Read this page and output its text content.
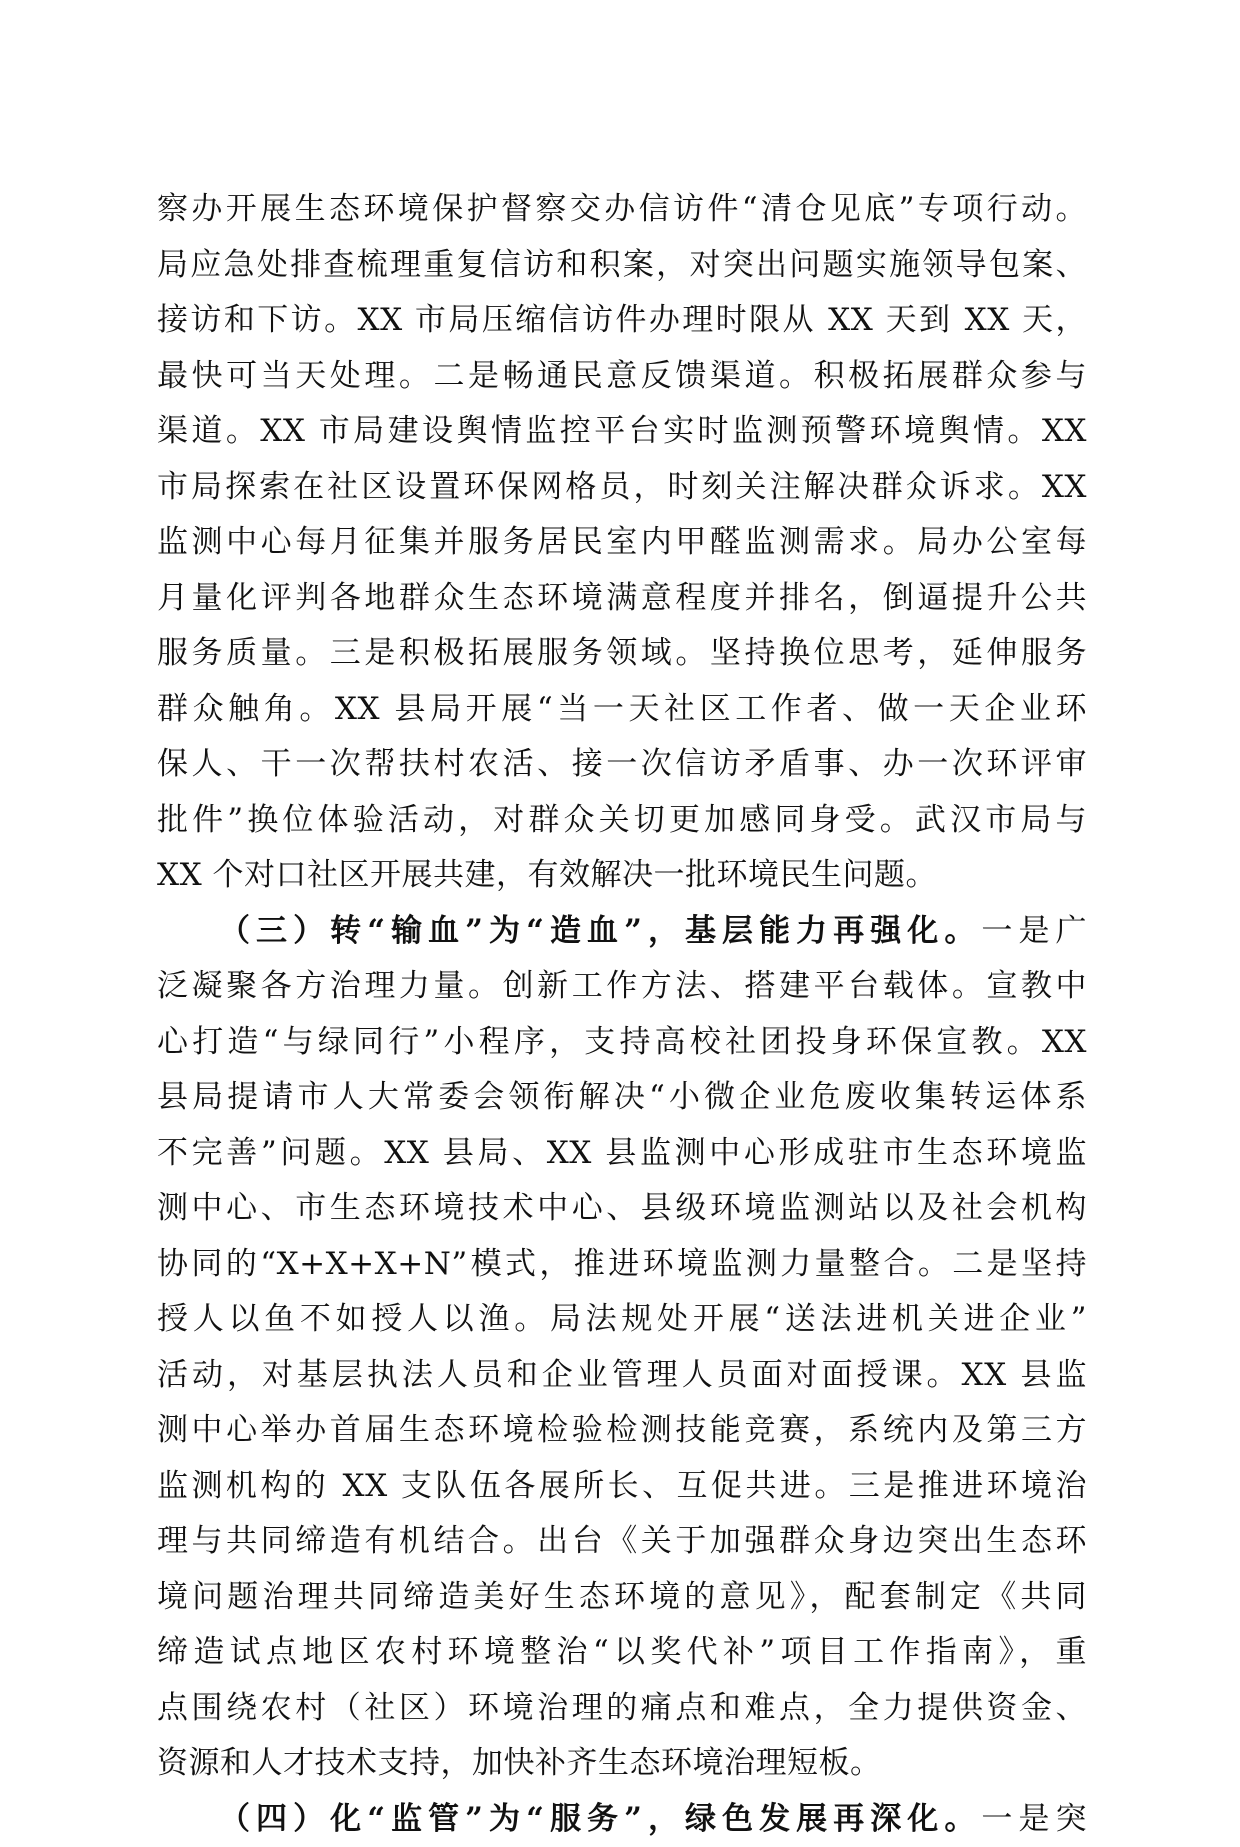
察办开展生态环境保护督察交办信访件“清仓见底”专项行动。
局应急处排查梳理重复信访和积案，对突出问题实施领导包案、
接访和下访。XX 市局压缩信访件办理时限从 XX 天到 XX 天，
最快可当天处理。二是畅通民意反馈渠道。积极拓展群众参与
渠道。XX 市局建设舆情监控平台实时监测预警环境舆情。XX
市局探索在社区设置环保网格员，时刻关注解决群众诉求。XX
监测中心每月征集并服务居民室内甲醛监测需求。局办公室每
月量化评判各地群众生态环境满意程度并排名，倒逼提升公共
服务质量。三是积极拓展服务领域。坚持换位思考，延伸服务
群众触角。XX 县局开展“当一天社区工作者、做一天企业环
保人、干一次帮扶村农活、接一次信访矛盾事、办一次环评审
批件”换位体验活动，对群众关切更加感同身受。武汉市局与
XX 个对口社区开展共建，有效解决一批环境民生问题。
（三）转“输血”为“造血”，基层能力再强化。一是广
泛凝聚各方治理力量。创新工作方法、搭建平台载体。宣教中
心打造“与绿同行”小程序，支持高校社团投身环保宣教。XX
县局提请市人大常委会领衔解决“小微企业危废收集转运体系
不完善”问题。XX 县局、XX 县监测中心形成驻市生态环境监
测中心、市生态环境技术中心、县级环境监测站以及社会机构
协同的“X+X+X+N”模式，推进环境监测力量整合。二是坚持
授人以鱼不如授人以渔。局法规处开展“送法进机关进企业”
活动，对基层执法人员和企业管理人员面对面授课。XX 县监
测中心举办首届生态环境检验检测技能竞赛，系统内及第三方
监测机构的 XX 支队伍各展所长、互促共进。三是推进环境治
理与共同缔造有机结合。出台《关于加强群众身边突出生态环
境问题治理共同缔造美好生态环境的意见》，配套制定《共同
缔造试点地区农村环境整治“以奖代补”项目工作指南》，重
点围绕农村（社区）环境治理的痛点和难点，全力提供资金、
资源和人才技术支持，加快补齐生态环境治理短板。
（四）化“监管”为“服务”，绿色发展再深化。一是突
